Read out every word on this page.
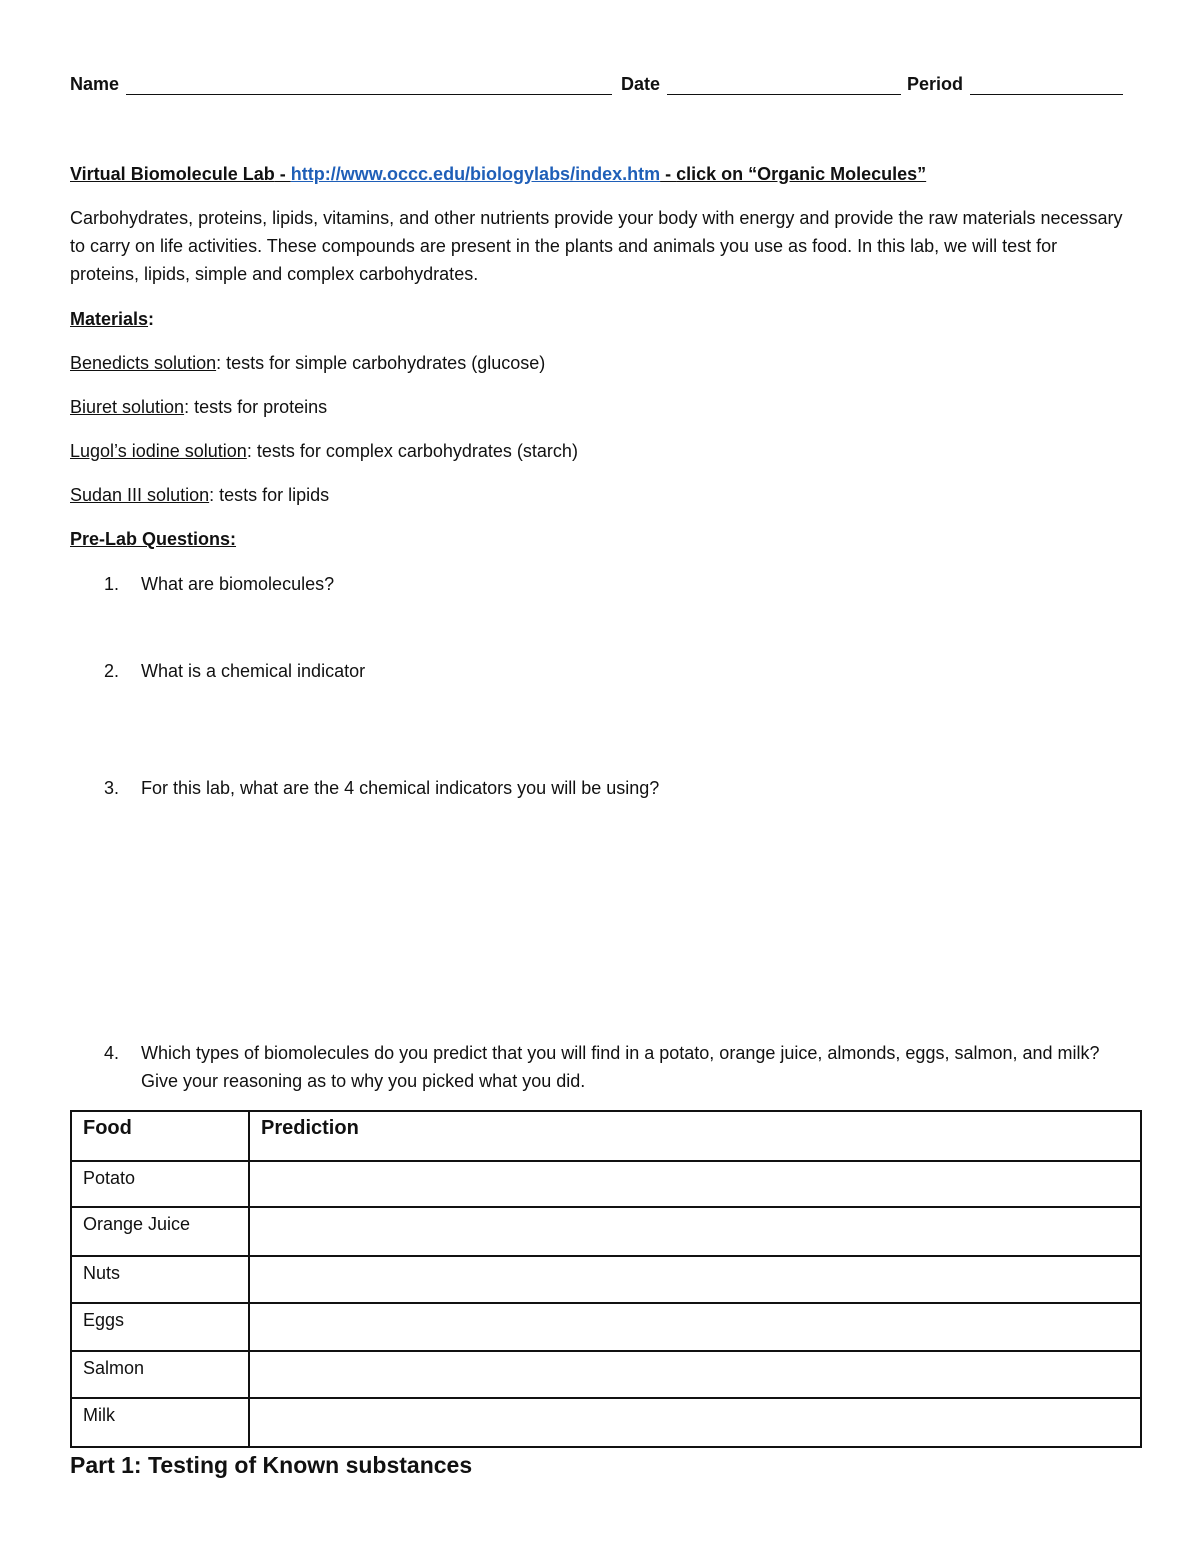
Name	Date	Period
Virtual Biomolecule Lab - http://www.occc.edu/biologylabs/index.htm - click on “Organic Molecules”
Carbohydrates, proteins, lipids, vitamins, and other nutrients provide your body with energy and provide the raw materials necessary to carry on life activities. These compounds are present in the plants and animals you use as food. In this lab, we will test for proteins, lipids, simple and complex carbohydrates.
Materials:
Benedicts solution: tests for simple carbohydrates (glucose)
Biuret solution: tests for proteins
Lugol’s iodine solution: tests for complex carbohydrates (starch)
Sudan III solution: tests for lipids
Pre-Lab Questions:
1. What are biomolecules?
2. What is a chemical indicator
3. For this lab, what are the 4 chemical indicators you will be using?
4. Which types of biomolecules do you predict that you will find in a potato, orange juice, almonds, eggs, salmon, and milk? Give your reasoning as to why you picked what you did.
Food	Prediction
Potato	
Orange Juice	
Nuts	
Eggs	
Salmon	
Milk	
Part 1: Testing of Known substances
